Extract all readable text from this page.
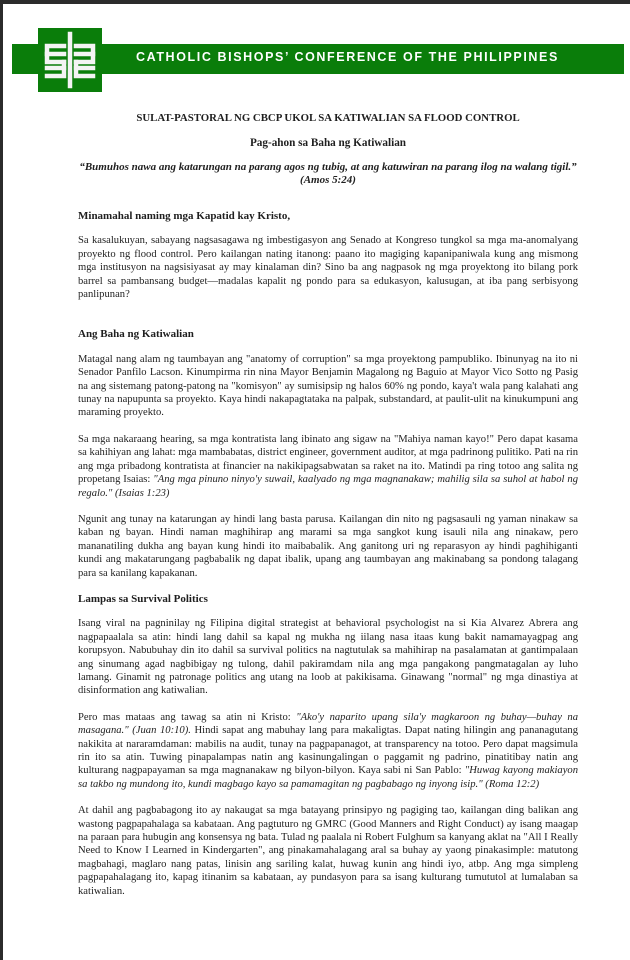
CATHOLIC BISHOPS’ CONFERENCE OF THE PHILIPPINES
SULAT-PASTORAL NG CBCP UKOL SA KATIWALIAN SA FLOOD CONTROL
Pag-ahon sa Baha ng Katiwalian
“Bumuhos nawa ang katarungan na parang agos ng tubig, at ang katuwiran na parang ilog na walang tigil.” (Amos 5:24)
Minamahal naming mga Kapatid kay Kristo,

Sa kasalukuyan, sabayang nagsasagawa ng imbestigasyon ang Senado at Kongreso tungkol sa mga ma-anomalyang proyekto ng flood control. Pero kailangan nating itanong: paano ito magiging kapanipaniwala kung ang mismong mga institusyon na nagsisiyasat ay may kinalaman din? Sino ba ang nagpasok ng mga proyektong ito bilang pork barrel sa pambansang budget—madalas kapalit ng pondo para sa edukasyon, kalusugan, at iba pang serbisyong panlipunan?

Ang Baha ng Katiwalian

Matagal nang alam ng taumbayan ang "anatomy of corruption" sa mga proyektong pampubliko. Ibinunyag na ito ni Senador Panfilo Lacson. Kinumpirma rin nina Mayor Benjamin Magalong ng Baguio at Mayor Vico Sotto ng Pasig na ang sistemang patong-patong na "komisyon" ay sumisipsip ng halos 60% ng pondo, kaya't wala pang kalahati ang tunay na napupunta sa proyekto. Kaya hindi nakapagtataka na palpak, substandard, at paulit-ulit na kinukumpuni ang maraming proyekto.

Sa mga nakaraang hearing, sa mga kontratista lang ibinato ang sigaw na "Mahiya naman kayo!" Pero dapat kasama sa kahihiyan ang lahat: mga mambabatas, district engineer, government auditor, at mga padrinong pulitiko. Pati na rin ang mga pribadong kontratista at financier na nakikipagsabwatan sa raket na ito. Matindi pa ring totoo ang salita ng propetang Isaias: "Ang mga pinuno ninyo'y suwail, kaalyado ng mga magnanakaw; mahilig sila sa suhol at habol ng regalo." (Isaias 1:23)

Ngunit ang tunay na katarungan ay hindi lang basta parusa. Kailangan din nito ng pagsasauli ng yaman ninakaw sa kaban ng bayan. Hindi naman maghihirap ang marami sa mga sangkot kung isauli nila ang ninakaw, pero mananatiling dukha ang bayan kung hindi ito maibabalik. Ang ganitong uri ng reparasyon ay hindi paghihiganti kundi ang makatarungang pagbabalik ng dapat ibalik, upang ang taumbayan ang makinabang sa pondong talagang para sa kanilang kapakanan.

Lampas sa Survival Politics

Isang viral na pagninilay ng Filipina digital strategist at behavioral psychologist na si Kia Alvarez Abrera ang nagpapaalala sa atin: hindi lang dahil sa kapal ng mukha ng iilang nasa itaas kung bakit namamayagpag ang korupsyon. Nabubuhay din ito dahil sa survival politics na nagtutulak sa mahihirap na pasalamatan at gantimpalaan ang sinumang agad nagbibigay ng tulong, dahil pakiramdam nila ang mga pangakong pangmatagalan ay luho lamang. Ginamit ng patronage politics ang utang na loob at pakikisama. Ginawang "normal" ng mga dinastiya at disinformation ang katiwalian.

Pero mas mataas ang tawag sa atin ni Kristo: "Ako'y naparito upang sila'y magkaroon ng buhay—buhay na masagana." (Juan 10:10). Hindi sapat ang mabuhay lang para makaligtas. Dapat nating hilingin ang pananagutang nakikita at nararamdaman: mabilis na audit, tunay na pagpapanagot, at transparency na totoo. Pero dapat magsimula rin ito sa atin. Tuwing pinapalampas natin ang kasinungalingan o paggamit ng padrino, pinatitibay natin ang kulturang nagpapayaman sa mga magnanakaw ng bilyon-bilyon. Kaya sabi ni San Pablo: "Huwag kayong makiayon sa takbo ng mundong ito, kundi magbago kayo sa pamamagitan ng pagbabago ng inyong isip." (Roma 12:2)

At dahil ang pagbabagong ito ay nakaugat sa mga batayang prinsipyo ng pagiging tao, kailangan ding balikan ang wastong pagpapahalaga sa kabataan. Ang pagtuturo ng GMRC (Good Manners and Right Conduct) ay isang maagap na paraan para hubugin ang konsensya ng bata. Tulad ng paalala ni Robert Fulghum sa kanyang aklat na "All I Really Need to Know I Learned in Kindergarten", ang pinakamahalagang aral sa buhay ay yaong pinakasimple: matutong magbahagi, maglaro nang patas, linisin ang sariling kalat, huwag kunin ang hindi iyo, atbp. Ang mga simpleng pagpapahalagang ito, kapag itinanim sa kabataan, ay pundasyon para sa isang kulturang tumututol at lumalaban sa katiwalian.
